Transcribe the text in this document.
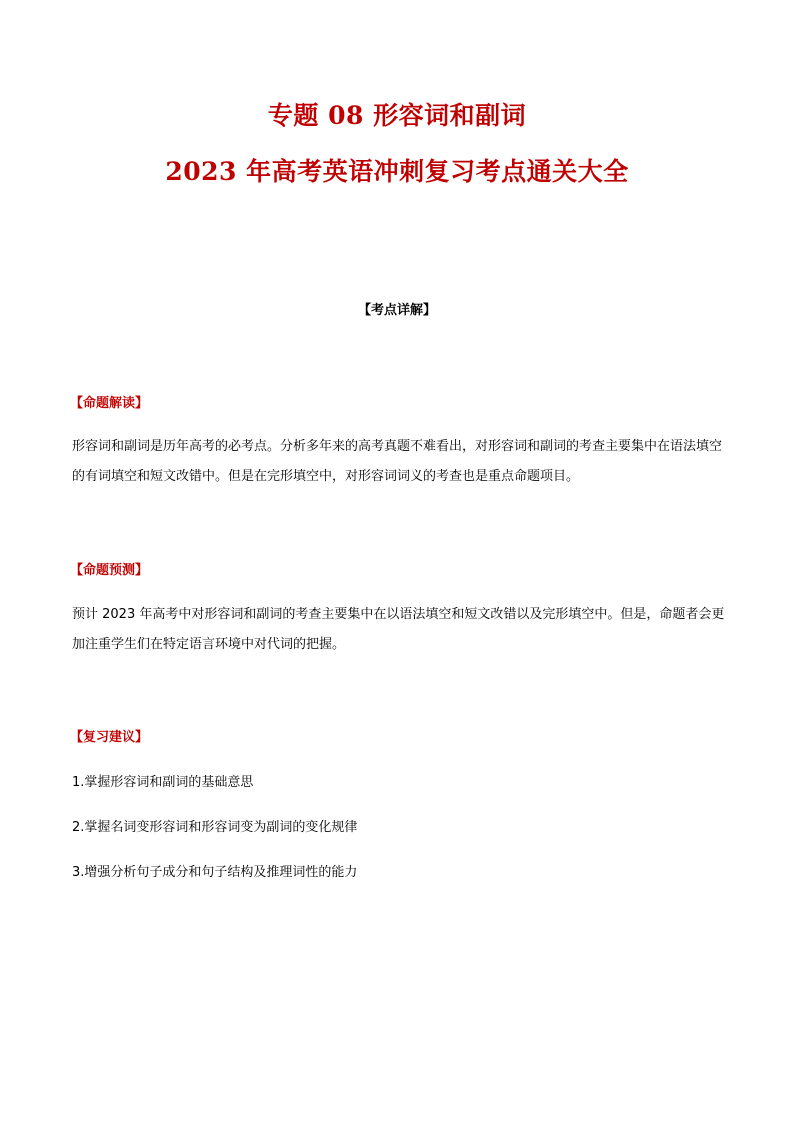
专题 08 形容词和副词
2023 年高考英语冲刺复习考点通关大全
【考点详解】
【命题解读】

形容词和副词是历年高考的必考点。分析多年来的高考真题不难看出，对形容词和副词的考查主要集中在语法填空的有词填空和短文改错中。但是在完形填空中，对形容词词义的考查也是重点命题项目。

【命题预测】

预计 2023 年高考中对形容词和副词的考查主要集中在以语法填空和短文改错以及完形填空中。但是，命题者会更加注重学生们在特定语言环境中对代词的把握。

【复习建议】
1.掌握形容词和副词的基础意思
2.掌握名词变形容词和形容词变为副词的变化规律
3.增强分析句子成分和句子结构及推理词性的能力
